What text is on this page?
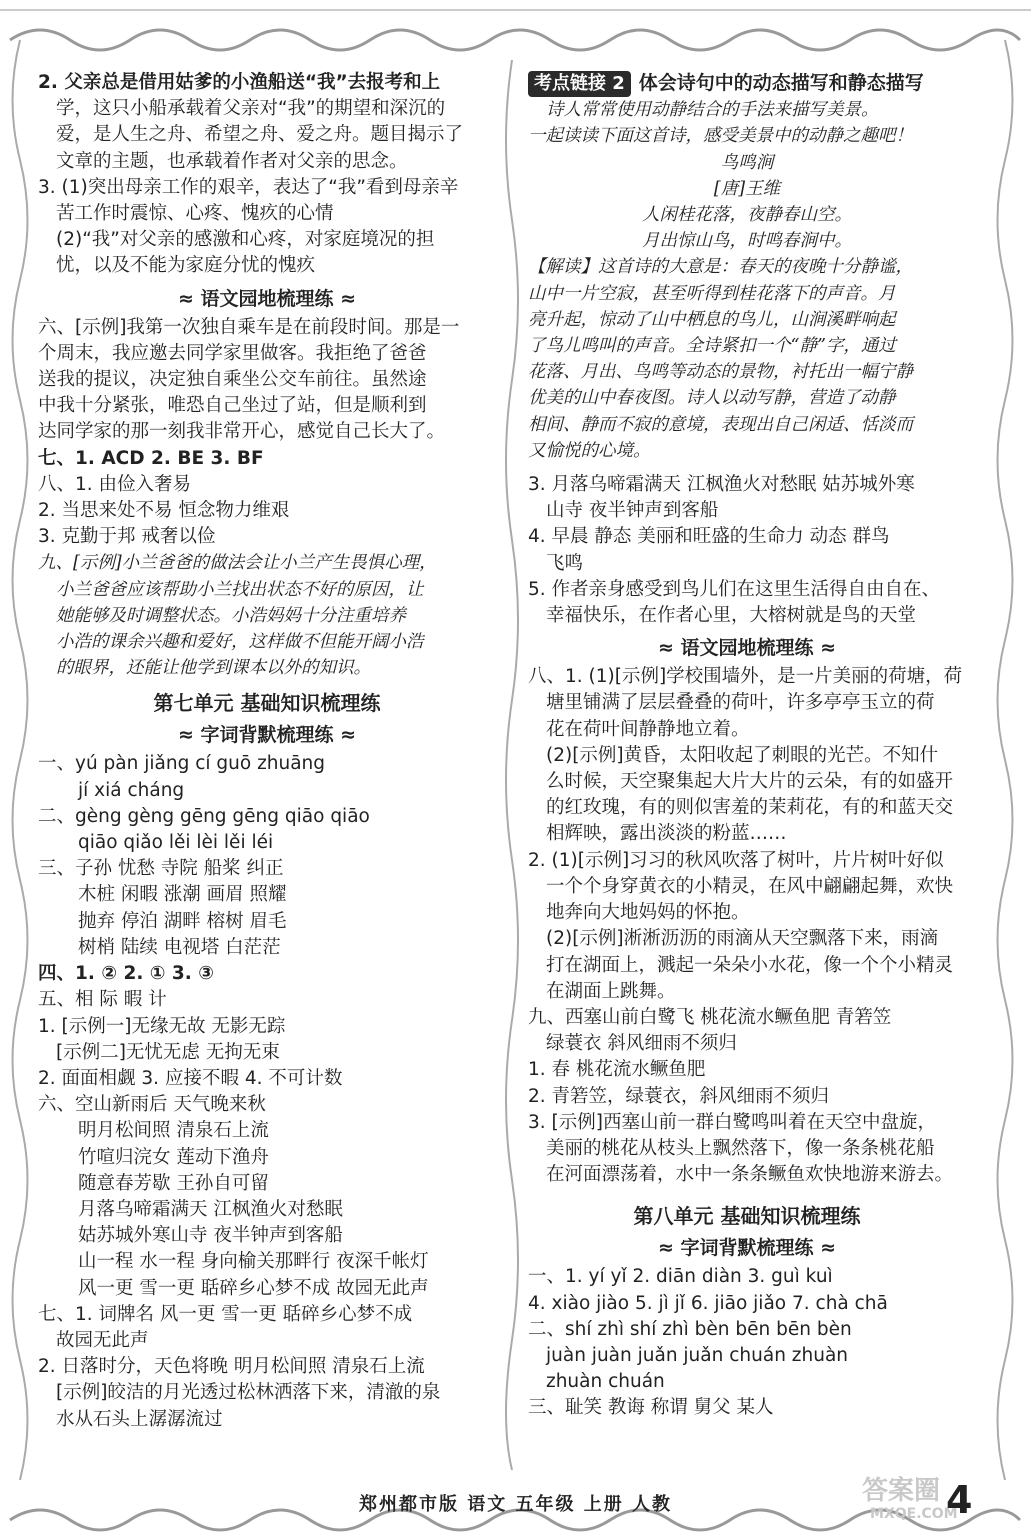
2. 父亲总是借用姑爹的小渔船送“我”去报考和上
学，这只小船承载着父亲对“我”的期望和深沉的
爱，是人生之舟、希望之舟、爱之舟。题目揭示了
文章的主题，也承载着作者对父亲的思念。
3. (1)突出母亲工作的艰辛，表达了“我”看到母亲辛
苦工作时震惊、心疼、愧疚的心情
(2)“我”对父亲的感激和心疼，对家庭境况的担
忧，以及不能为家庭分忧的愧疚
≈ 语文园地梳理练 ≈
六、[示例]我第一次独自乘车是在前段时间。那是一
个周末，我应邀去同学家里做客。我拒绝了爸爸
送我的提议，决定独自乘坐公交车前往。虽然途
中我十分紧张，唯恐自己坐过了站，但是顺利到
达同学家的那一刻我非常开心，感觉自己长大了。
七、1. ACD 2. BE 3. BF
八、1. 由俭入奢易
2. 当思来处不易 恒念物力维艰
3. 克勤于邦 戒奢以俭
九、[示例]小兰爸爸的做法会让小兰产生畏惧心理，
小兰爸爸应该帮助小兰找出状态不好的原因，让
她能够及时调整状态。小浩妈妈十分注重培养
小浩的课余兴趣和爱好，这样做不但能开阔小浩
的眼界，还能让他学到课本以外的知识。
第七单元 基础知识梳理练
≈ 字词背默梳理练 ≈
一、yú pàn jiǎng cí guō zhuāng
jí xiá cháng
二、gèng gèng gēng gēng qiāo qiāo
qiāo qiǎo lěi lèi lěi léi
三、子孙 忧愁 寺院 船桨 纠正
木桩 闲暇 涨潮 画眉 照耀
抛弃 停泊 湖畔 榕树 眉毛
树梢 陆续 电视塔 白茫茫
四、1. ② 2. ① 3. ③
五、相 际 暇 计
1. [示例一]无缘无故 无影无踪
[示例二]无忧无虑 无拘无束
2. 面面相觑 3. 应接不暇 4. 不可计数
六、空山新雨后 天气晚来秋
明月松间照 清泉石上流
竹喧归浣女 莲动下渔舟
随意春芳歇 王孙自可留
月落乌啼霜满天 江枫渔火对愁眠
姑苏城外寒山寺 夜半钟声到客船
山一程 水一程 身向榆关那畔行 夜深千帐灯
风一更 雪一更 聒碎乡心梦不成 故园无此声
七、1. 词牌名 风一更 雪一更 聒碎乡心梦不成
故园无此声
2. 日落时分，天色将晚 明月松间照 清泉石上流
[示例]皎洁的月光透过松林洒落下来，清澈的泉
水从石头上潺潺流过
考点链接 2 体会诗句中的动态描写和静态描写
诗人常常使用动静结合的手法来描写美景。
一起读读下面这首诗，感受美景中的动静之趣吧！
鸟鸣涧
[唐]王维
人闲桂花落，夜静春山空。
月出惊山鸟，时鸣春涧中。
【解读】这首诗的大意是：春天的夜晚十分静谧，
山中一片空寂，甚至听得到桂花落下的声音。月
亮升起，惊动了山中栖息的鸟儿，山涧溪畔响起
了鸟儿鸣叫的声音。全诗紧扣一个“静”字，通过
花落、月出、鸟鸣等动态的景物，衬托出一幅宁静
优美的山中春夜图。诗人以动写静，营造了动静
相间、静而不寂的意境，表现出自己闲适、恬淡而
又愉悦的心境。
3. 月落乌啼霜满天 江枫渔火对愁眠 姑苏城外寒
山寺 夜半钟声到客船
4. 早晨 静态 美丽和旺盛的生命力 动态 群鸟
飞鸣
5. 作者亲身感受到鸟儿们在这里生活得自由自在、
幸福快乐，在作者心里，大榕树就是鸟的天堂
≈ 语文园地梳理练 ≈
八、1. (1)[示例]学校围墙外，是一片美丽的荷塘，荷
塘里铺满了层层叠叠的荷叶，许多亭亭玉立的荷
花在荷叶间静静地立着。
(2)[示例]黄昏，太阳收起了刺眼的光芒。不知什
么时候，天空聚集起大片大片的云朵，有的如盛开
的红玫瑰，有的则似害羞的茉莉花，有的和蓝天交
相辉映，露出淡淡的粉蓝……
2. (1)[示例]习习的秋风吹落了树叶，片片树叶好似
一个个身穿黄衣的小精灵，在风中翩翩起舞，欢快
地奔向大地妈妈的怀抱。
(2)[示例]淅淅沥沥的雨滴从天空飘落下来，雨滴
打在湖面上，溅起一朵朵小水花，像一个个小精灵
在湖面上跳舞。
九、西塞山前白鹭飞 桃花流水鳜鱼肥 青箬笠
绿蓑衣 斜风细雨不须归
1. 春 桃花流水鳜鱼肥
2. 青箬笠，绿蓑衣，斜风细雨不须归
3. [示例]西塞山前一群白鹭鸣叫着在天空中盘旋，
美丽的桃花从枝头上飘然落下，像一条条桃花船
在河面漂荡着，水中一条条鳜鱼欢快地游来游去。
第八单元 基础知识梳理练
≈ 字词背默梳理练 ≈
一、1. yí yǐ 2. diān diàn 3. guì kuì
4. xiào jiào 5. jì jǐ 6. jiāo jiǎo 7. chà chā
二、shí zhì shí zhì bèn bēn bēn bèn
juàn juàn juǎn juǎn chuán zhuàn
zhuàn chuán
三、耻笑 教诲 称谓 舅父 某人
郑州都市版 语文 五年级 上册 人教	答案圈
MXQE.COM
4
